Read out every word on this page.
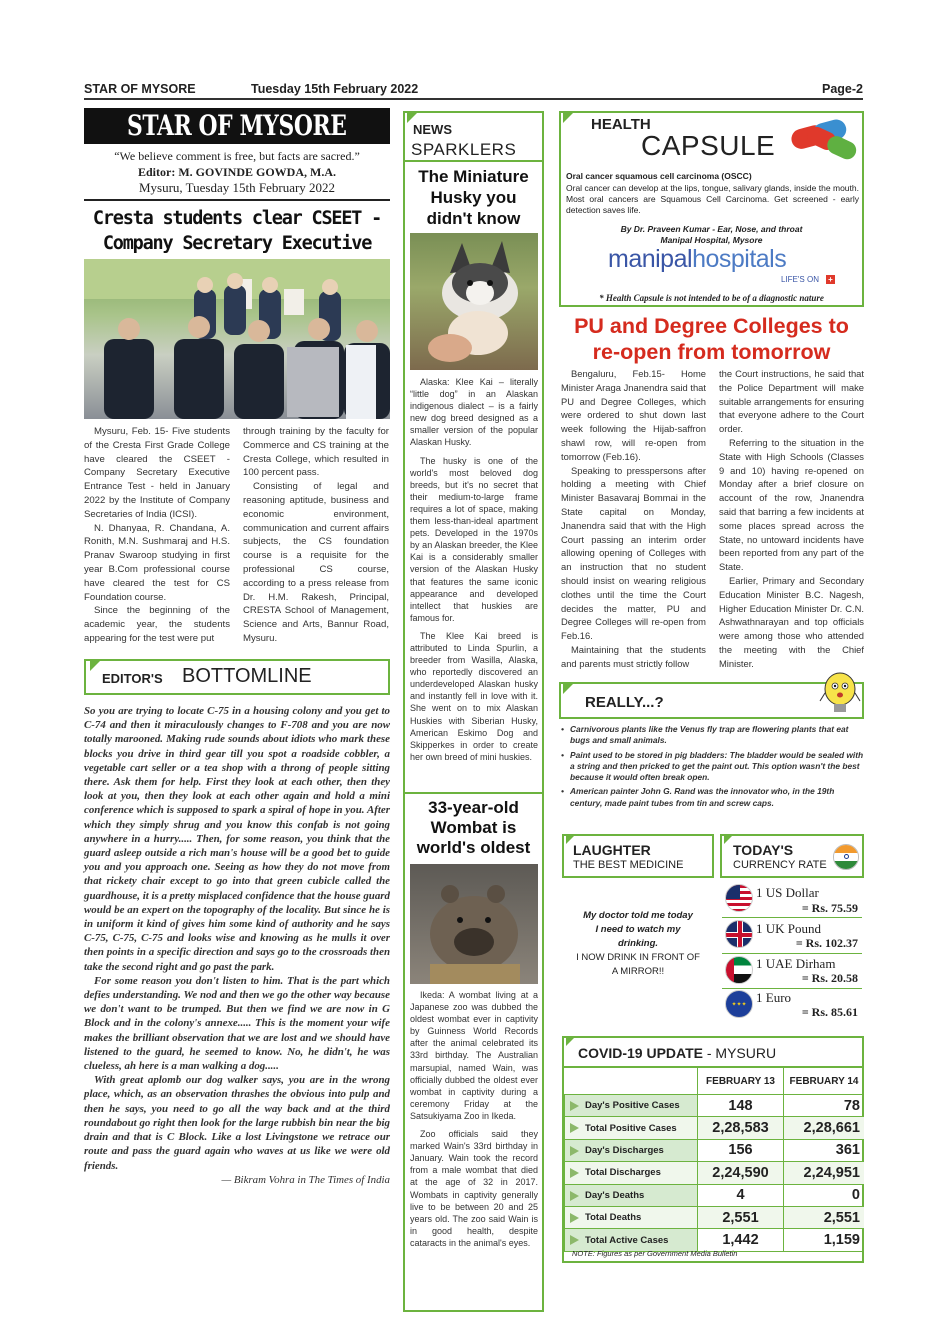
STAR OF MYSORE	Tuesday 15th February 2022	Page-2
STAR OF MYSORE
“We believe comment is free, but facts are sacred.”
Editor: M. GOVINDE GOWDA, M.A.
Mysuru, Tuesday 15th February 2022
Cresta students clear CSEET - Company Secretary Executive

Mysuru, Feb. 15- Five students of the Cresta First Grade College have cleared the CSEET - Company Secretary Executive Entrance Test - held in January 2022 by the Institute of Company Secretaries of India (ICSI).

N. Dhanyaa, R. Chandana, A. Ronith, M.N. Sushmaraj and H.S. Pranav Swaroop studying in first year B.Com professional course have cleared the test for CS Foundation course.

Since the beginning of the academic year, the students appearing for the test were put

through training by the faculty for Commerce and CS training at the Cresta College, which resulted in 100 percent pass.

Consisting of legal and reasoning aptitude, business and economic environment, communication and current affairs subjects, the CS foundation course is a requisite for the professional CS course, according to a press release from Dr. H.M. Rakesh, Principal, CRESTA School of Management, Science and Arts, Bannur Road, Mysuru.

EDITOR'S BOTTOMLINE

So you are trying to locate C-75 in a housing colony and you get to C-74 and then it miraculously changes to F-708 and you are now totally marooned. Making rude sounds about idiots who mark these blocks you drive in third gear till you spot a roadside cobbler, a vegetable cart seller or a tea shop with a throng of people sitting there. Ask them for help. First they look at each other, then they look at you, then they look at each other again and hold a mini conference which is supposed to spark a spiral of hope in you. After which they simply shrug and you know this confab is not going anywhere in a hurry..... Then, for some reason, you think that the guard asleep outside a rich man's house will be a good bet to guide you and you approach one. Seeing as how they do not move from that rickety chair except to go into that green cubicle called the guardhouse, it is a pretty misplaced confidence that the house guard would be an expert on the topography of the locality. But since he is in uniform it kind of gives him some kind of authority and he says C-75, C-75, C-75 and looks wise and knowing as he mulls it over then points in a specific direction and says go to the crossroads then take the second right and go past the park.

For some reason you don't listen to him. That is the part which defies understanding. We nod and then we go the other way because we don't want to be trumped. But then we find we are now in G Block and in the colony's annexe..... This is the moment your wife makes the brilliant observation that we are lost and we should have listened to the guard, he seemed to know. No, he didn't, he was clueless, ah here is a man walking a dog.....

With great aplomb our dog walker says, you are in the wrong place, which, as an observation thrashes the obvious into pulp and then he says, you need to go all the way back and at the third roundabout go right then look for the large rubbish bin near the big drain and that is C Block. Like a lost Livingstone we retrace our route and pass the guard again who waves at us like we were old friends.

— Bikram Vohra in The Times of India
NEWS
SPARKLERS
The Miniature Husky you didn't know

Alaska: Klee Kai – literally “little dog” in an Alaskan indigenous dialect – is a fairly new dog breed designed as a smaller version of the popular Alaskan Husky.

The husky is one of the world's most beloved dog breeds, but it's no secret that their medium-to-large frame requires a lot of space, making them less-than-ideal apartment pets. Developed in the 1970s by an Alaskan breeder, the Klee Kai is a considerably smaller version of the Alaskan Husky that features the same iconic appearance and developed intellect that huskies are famous for.

The Klee Kai breed is attributed to Linda Spurlin, a breeder from Wasilla, Alaska, who reportedly discovered an underdeveloped Alaskan husky and instantly fell in love with it. She went on to mix Alaskan Huskies with Siberian Husky, American Eskimo Dog and Skipperkes in order to create her own breed of mini huskies.

33-year-old Wombat is world's oldest

Ikeda: A wombat living at a Japanese zoo was dubbed the oldest wombat ever in captivity by Guinness World Records after the animal celebrated its 33rd birthday. The Australian marsupial, named Wain, was officially dubbed the oldest ever wombat in captivity during a ceremony Friday at the Satsukiyama Zoo in Ikeda.

Zoo officials said they marked Wain's 33rd birthday in January. Wain took the record from a male wombat that died at the age of 32 in 2017. Wombats in captivity generally live to be between 20 and 25 years old. The zoo said Wain is in good health, despite cataracts in the animal's eyes.

HEALTH
CAPSULE
Oral cancer squamous cell carcinoma (OSCC)
Oral cancer can develop at the lips, tongue, salivary glands, inside the mouth. Most oral cancers are Squamous Cell Carcinoma. Get screened - early detection saves life.
By Dr. Praveen Kumar - Ear, Nose, and throat
Manipal Hospital, Mysore
manipalhospitals
LIFE'S ON +
* Health Capsule is not intended to be of a diagnostic nature
PU and Degree Colleges to re-open from tomorrow

Bengaluru, Feb.15- Home Minister Araga Jnanendra said that PU and Degree Colleges, which were ordered to shut down last week following the Hijab-saffron shawl row, will re-open from tomorrow (Feb.16).

Speaking to presspersons after holding a meeting with Chief Minister Basavaraj Bommai in the State capital on Monday, Jnanendra said that with the High Court passing an interim order allowing opening of Colleges with an instruction that no student should insist on wearing religious clothes until the time the Court decides the matter, PU and Degree Colleges will re-open from Feb.16.

Maintaining that the students and parents must strictly follow

the Court instructions, he said that the Police Department will make suitable arrangements for ensuring that everyone adhere to the Court order.

Referring to the situation in the State with High Schools (Classes 9 and 10) having re-opened on Monday after a brief closure on account of the row, Jnanendra said that barring a few incidents at some places spread across the State, no untoward incidents have been reported from any part of the State.

Earlier, Primary and Secondary Education Minister B.C. Nagesh, Higher Education Minister Dr. C.N. Ashwathnarayan and top officials were among those who attended the meeting with the Chief Minister.

REALLY...?
• Carnivorous plants like the Venus fly trap are flowering plants that eat bugs and small animals.
• Paint used to be stored in pig bladders: The bladder would be sealed with a string and then pricked to get the paint out. This option wasn't the best because it would often break open.
• American painter John G. Rand was the innovator who, in the 19th century, made paint tubes from tin and screw caps.
LAUGHTER
THE BEST MEDICINE
My doctor told me today
I need to watch my
drinking.
I NOW DRINK IN FRONT OF
A MIRROR!!
TODAY'S
CURRENCY RATE
1 US Dollar
= Rs. 75.59
1 UK Pound
= Rs. 102.37
1 UAE Dirham
= Rs. 20.58
✦✦✦ 1 Euro
= Rs. 85.61
COVID-19 UPDATE - MYSURU
	FEBRUARY 13	FEBRUARY 14
Day's Positive Cases	148	78
Total Positive Cases	2,28,583	2,28,661
Day's Discharges	156	361
Total Discharges	2,24,590	2,24,951
Day's Deaths	4	0
Total Deaths	2,551	2,551
Total Active Cases	1,442	1,159
NOTE: Figures as per Government Media Bulletin
